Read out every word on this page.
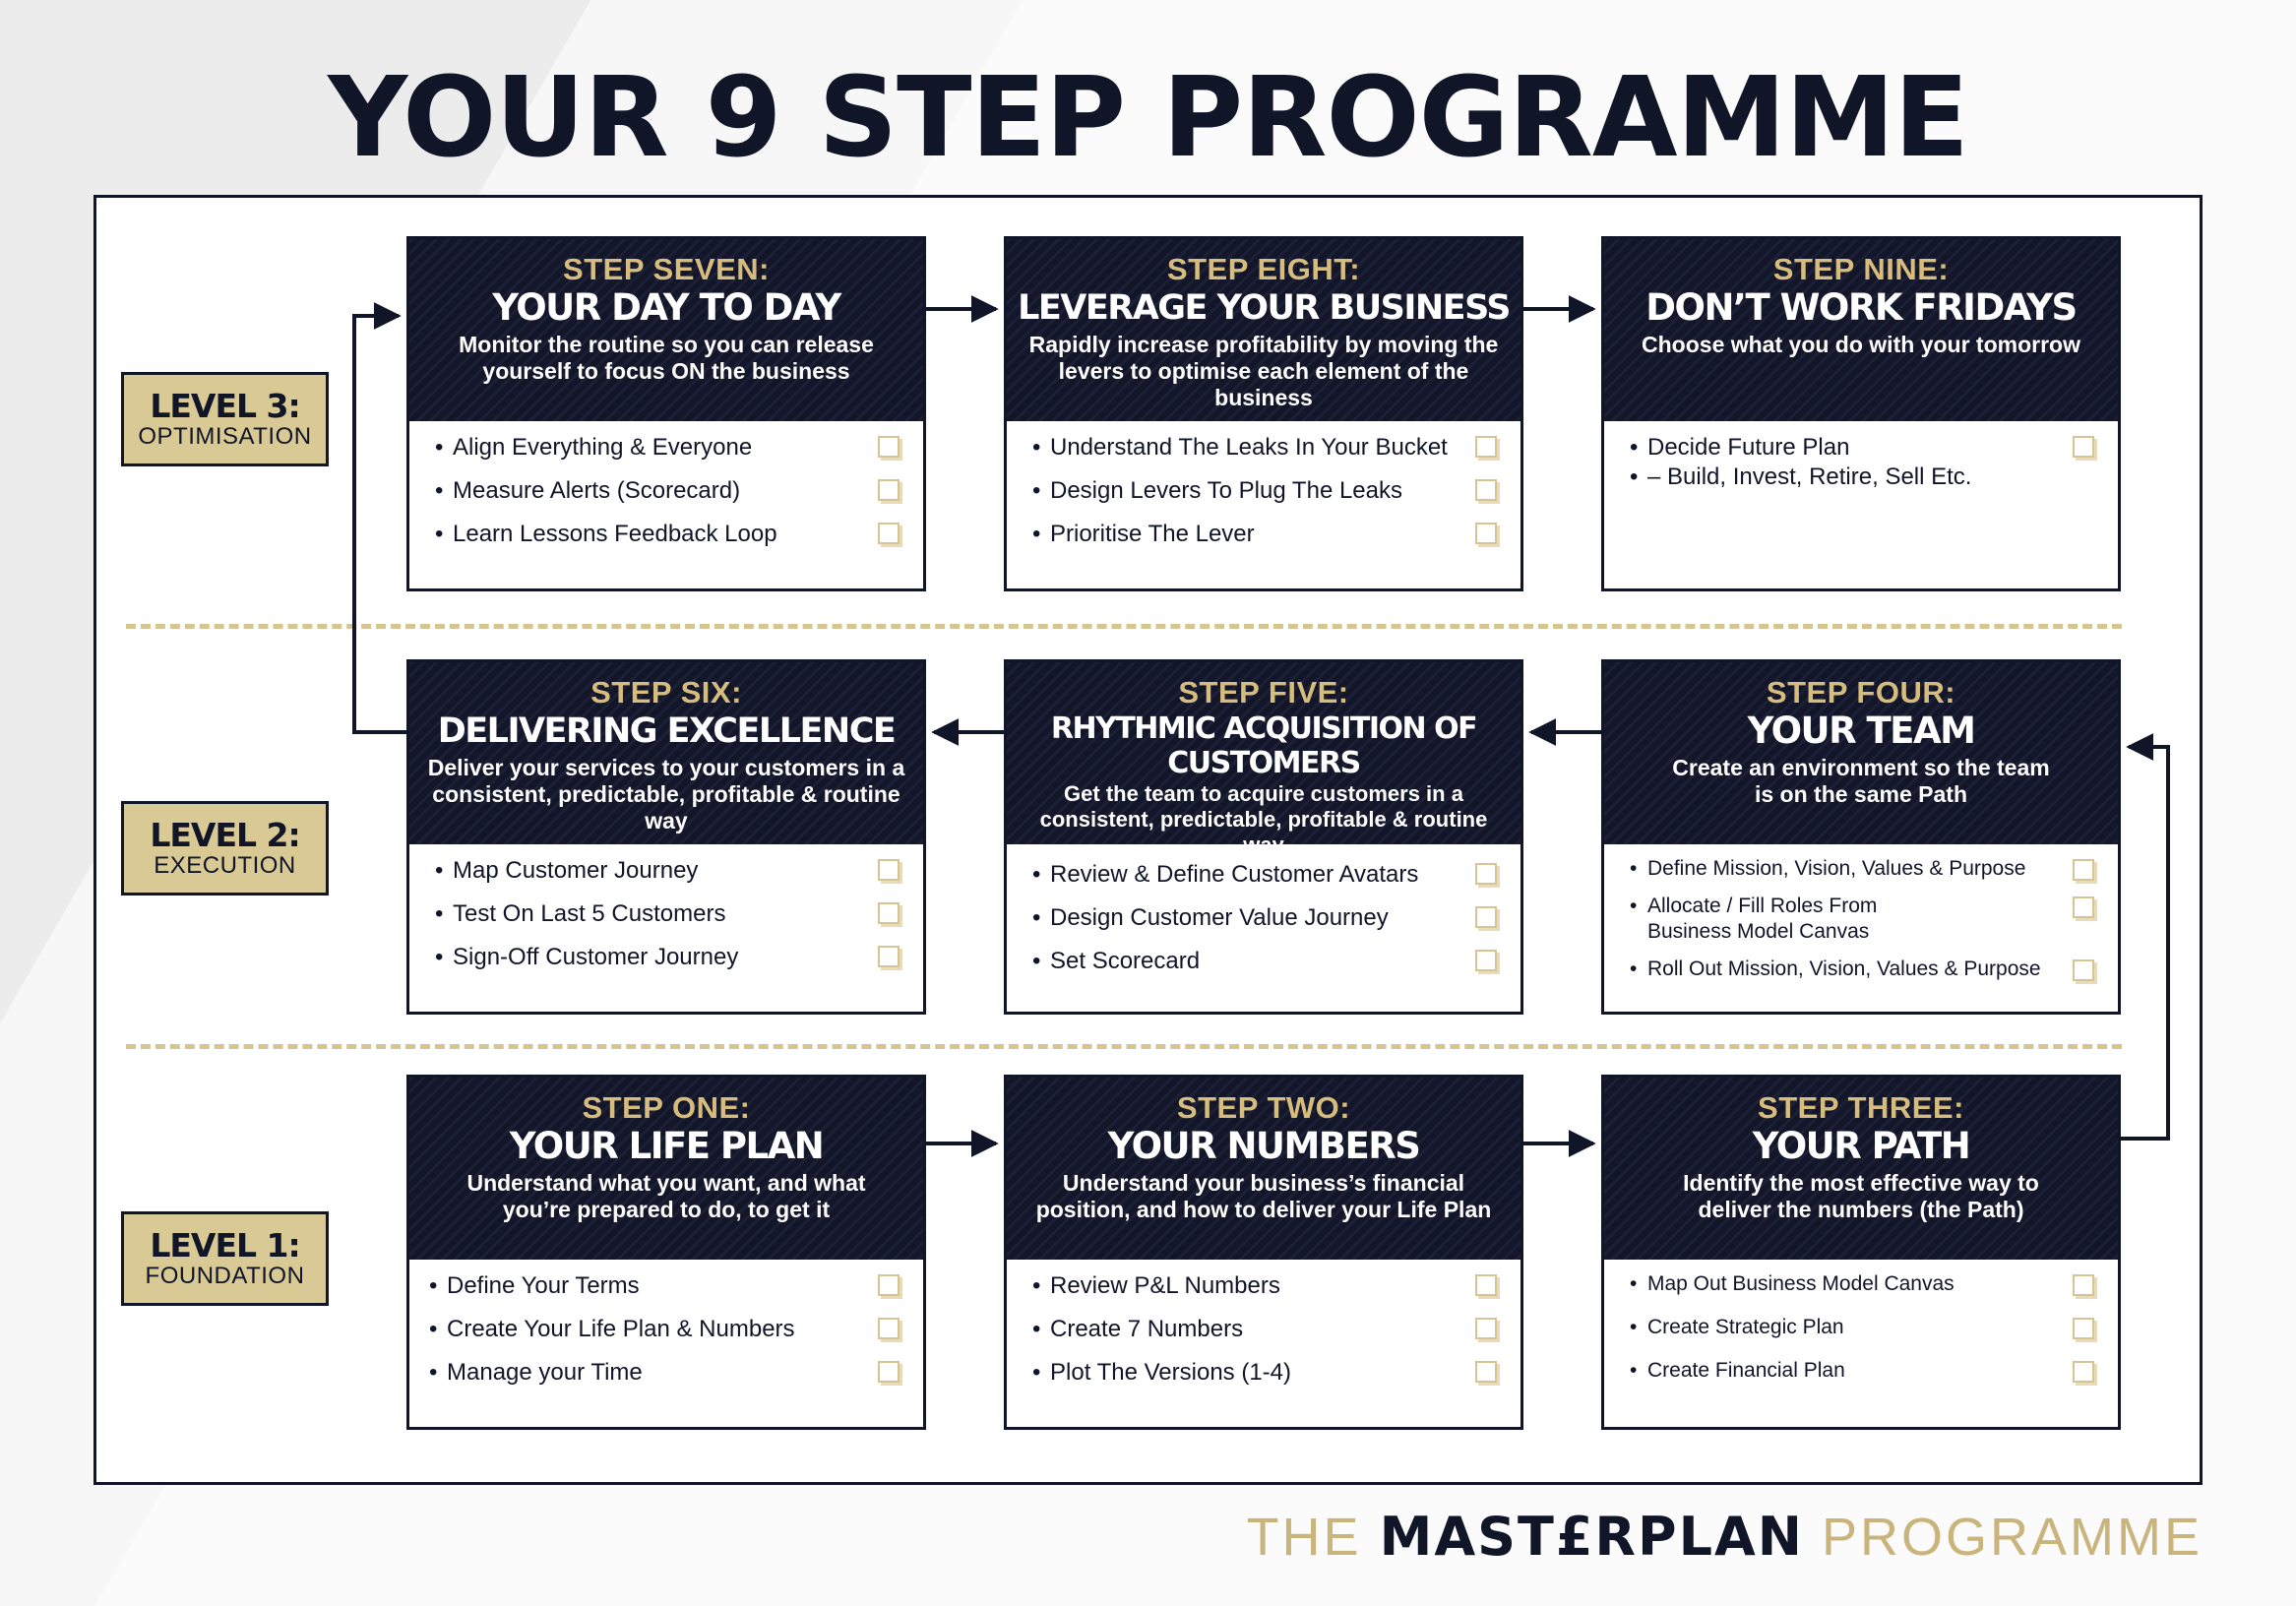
YOUR 9 STEP PROGRAMME
LEVEL 3:
OPTIMISATION
LEVEL 2:
EXECUTION
LEVEL 1:
FOUNDATION
STEP SEVEN:
YOUR DAY TO DAY
Monitor the routine so you can release yourself to focus ON the business
• Align Everything & Everyone
• Measure Alerts (Scorecard)
• Learn Lessons Feedback Loop
STEP EIGHT:
LEVERAGE YOUR BUSINESS
Rapidly increase profitability by moving the levers to optimise each element of the business
• Understand The Leaks In Your Bucket
• Design Levers To Plug The Leaks
• Prioritise The Lever
STEP NINE:
DON’T WORK FRIDAYS
Choose what you do with your tomorrow
• Decide Future Plan
• – Build, Invest, Retire, Sell Etc.
STEP SIX:
DELIVERING EXCELLENCE
Deliver your services to your customers in a consistent, predictable, profitable & routine way
• Map Customer Journey
• Test On Last 5 Customers
• Sign-Off Customer Journey
STEP FIVE:
RHYTHMIC ACQUISITION OF CUSTOMERS
Get the team to acquire customers in a consistent, predictable, profitable & routine way
• Review & Define Customer Avatars
• Design Customer Value Journey
• Set Scorecard
STEP FOUR:
YOUR TEAM
Create an environment so the team is on the same Path
• Define Mission, Vision, Values & Purpose
• Allocate / Fill Roles From Business Model Canvas
• Roll Out Mission, Vision, Values & Purpose
STEP ONE:
YOUR LIFE PLAN
Understand what you want, and what you’re prepared to do, to get it
• Define Your Terms
• Create Your Life Plan & Numbers
• Manage your Time
STEP TWO:
YOUR NUMBERS
Understand your business’s financial position, and how to deliver your Life Plan
• Review P&L Numbers
• Create 7 Numbers
• Plot The Versions (1-4)
STEP THREE:
YOUR PATH
Identify the most effective way to deliver the numbers (the Path)
• Map Out Business Model Canvas
• Create Strategic Plan
• Create Financial Plan
THE MAST£RPLAN PROGRAMME
